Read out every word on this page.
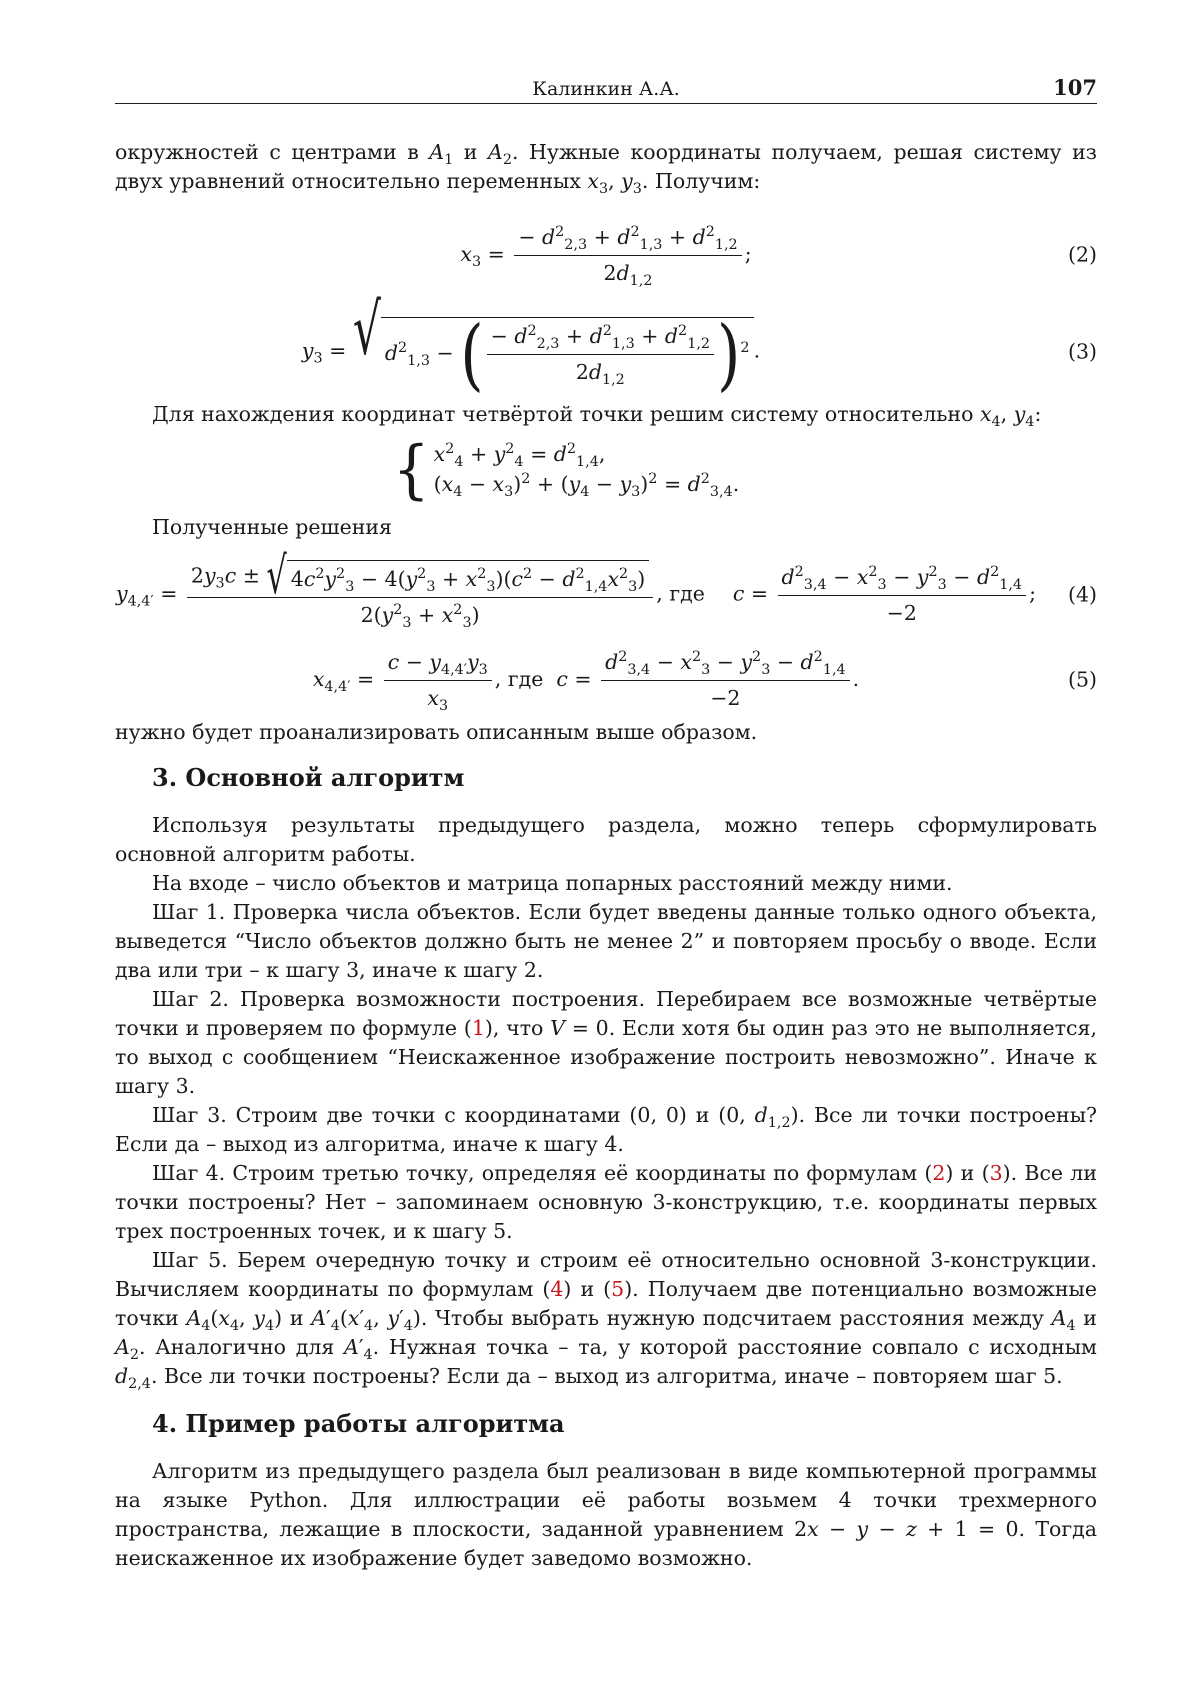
Калинкин А.А.	107

окружностей с центрами в A1 и A2. Нужные координаты получаем, решая систему из двух уравнений относительно переменных x3, y3. Получим:

x3 =
− d22,3 + d21,3 + d21,2
2d1,2
;	(2)
y3 = √ d21,3 − ( − d22,3 + d21,3 + d21,2
2d1,2 )2 .	(3)

Для нахождения координат четвёртой точки решим систему относительно x4, y4:

{ x24 + y24 = d21,4,
(x4 − x3)2 + (y4 − y3)2 = d23,4.

Полученные решения

y4,4′ =
2y3c ± √ 4c2y23 − 4(y23 + x23)(c2 − d21,4x23)
2(y23 + x23)
, где c =
d23,4 − x23 − y23 − d21,4
−2
; (4)
x4,4′ =
c − y4,4′y3
x3
, где c =
d23,4 − x23 − y23 − d21,4
−2
.	(5)

нужно будет проанализировать описанным выше образом.

3. Основной алгоритм

Используя результаты предыдущего раздела, можно теперь сформулировать основной алгоритм работы.

На входе – число объектов и матрица попарных расстояний между ними.

Шаг 1. Проверка числа объектов. Если будет введены данные только одного объекта, выведется “Число объектов должно быть не менее 2” и повторяем просьбу о вводе. Если два или три – к шагу 3, иначе к шагу 2.

Шаг 2. Проверка возможности построения. Перебираем все возможные четвёртые точки и проверяем по формуле (1), что V = 0. Если хотя бы один раз это не выполняется, то выход с сообщением “Неискаженное изображение построить невозможно”. Иначе к шагу 3.

Шаг 3. Строим две точки с координатами (0, 0) и (0, d1,2). Все ли точки построены? Если да – выход из алгоритма, иначе к шагу 4.

Шаг 4. Строим третью точку, определяя её координаты по формулам (2) и (3). Все ли точки построены? Нет – запоминаем основную 3-конструкцию, т.е. координаты первых трех построенных точек, и к шагу 5.

Шаг 5. Берем очередную точку и строим её относительно основной 3-конструкции. Вычисляем координаты по формулам (4) и (5). Получаем две потенциально возможные точки A4(x4, y4) и A′4(x′4, y′4). Чтобы выбрать нужную подсчитаем расстояния между A4 и A2. Аналогично для A′4. Нужная точка – та, у которой расстояние совпало с исходным d2,4. Все ли точки построены? Если да – выход из алгоритма, иначе – повторяем шаг 5.

4. Пример работы алгоритма

Алгоритм из предыдущего раздела был реализован в виде компьютерной программы на языке Python. Для иллюстрации её работы возьмем 4 точки трехмерного пространства, лежащие в плоскости, заданной уравнением 2x − y − z + 1 = 0. Тогда неискаженное их изображение будет заведомо возможно.
